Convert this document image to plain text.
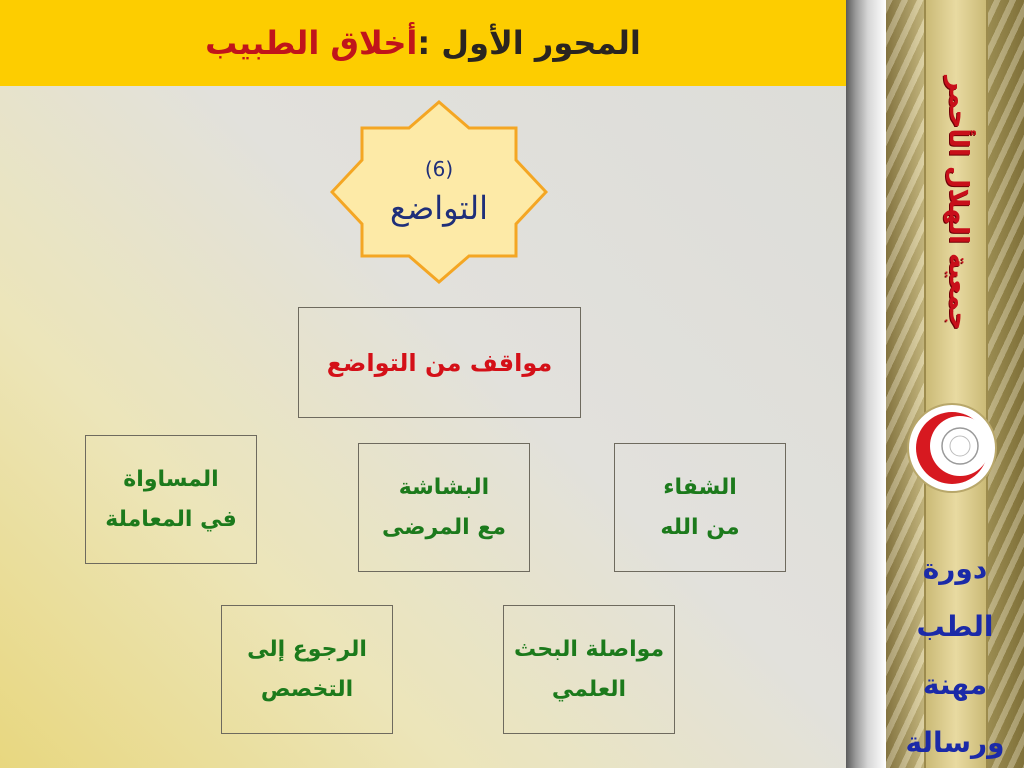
المحور الأول :
أخلاق الطبيب
(6)
التواضع
مواقف من التواضع
المساواة
في المعاملة
البشاشة
مع المرضى
الشفاء
من الله
الرجوع إلى
التخصص
مواصلة البحث
العلمي
جمعية الهلال الأحمر
دورة
الطب
مهنة
ورسالة
